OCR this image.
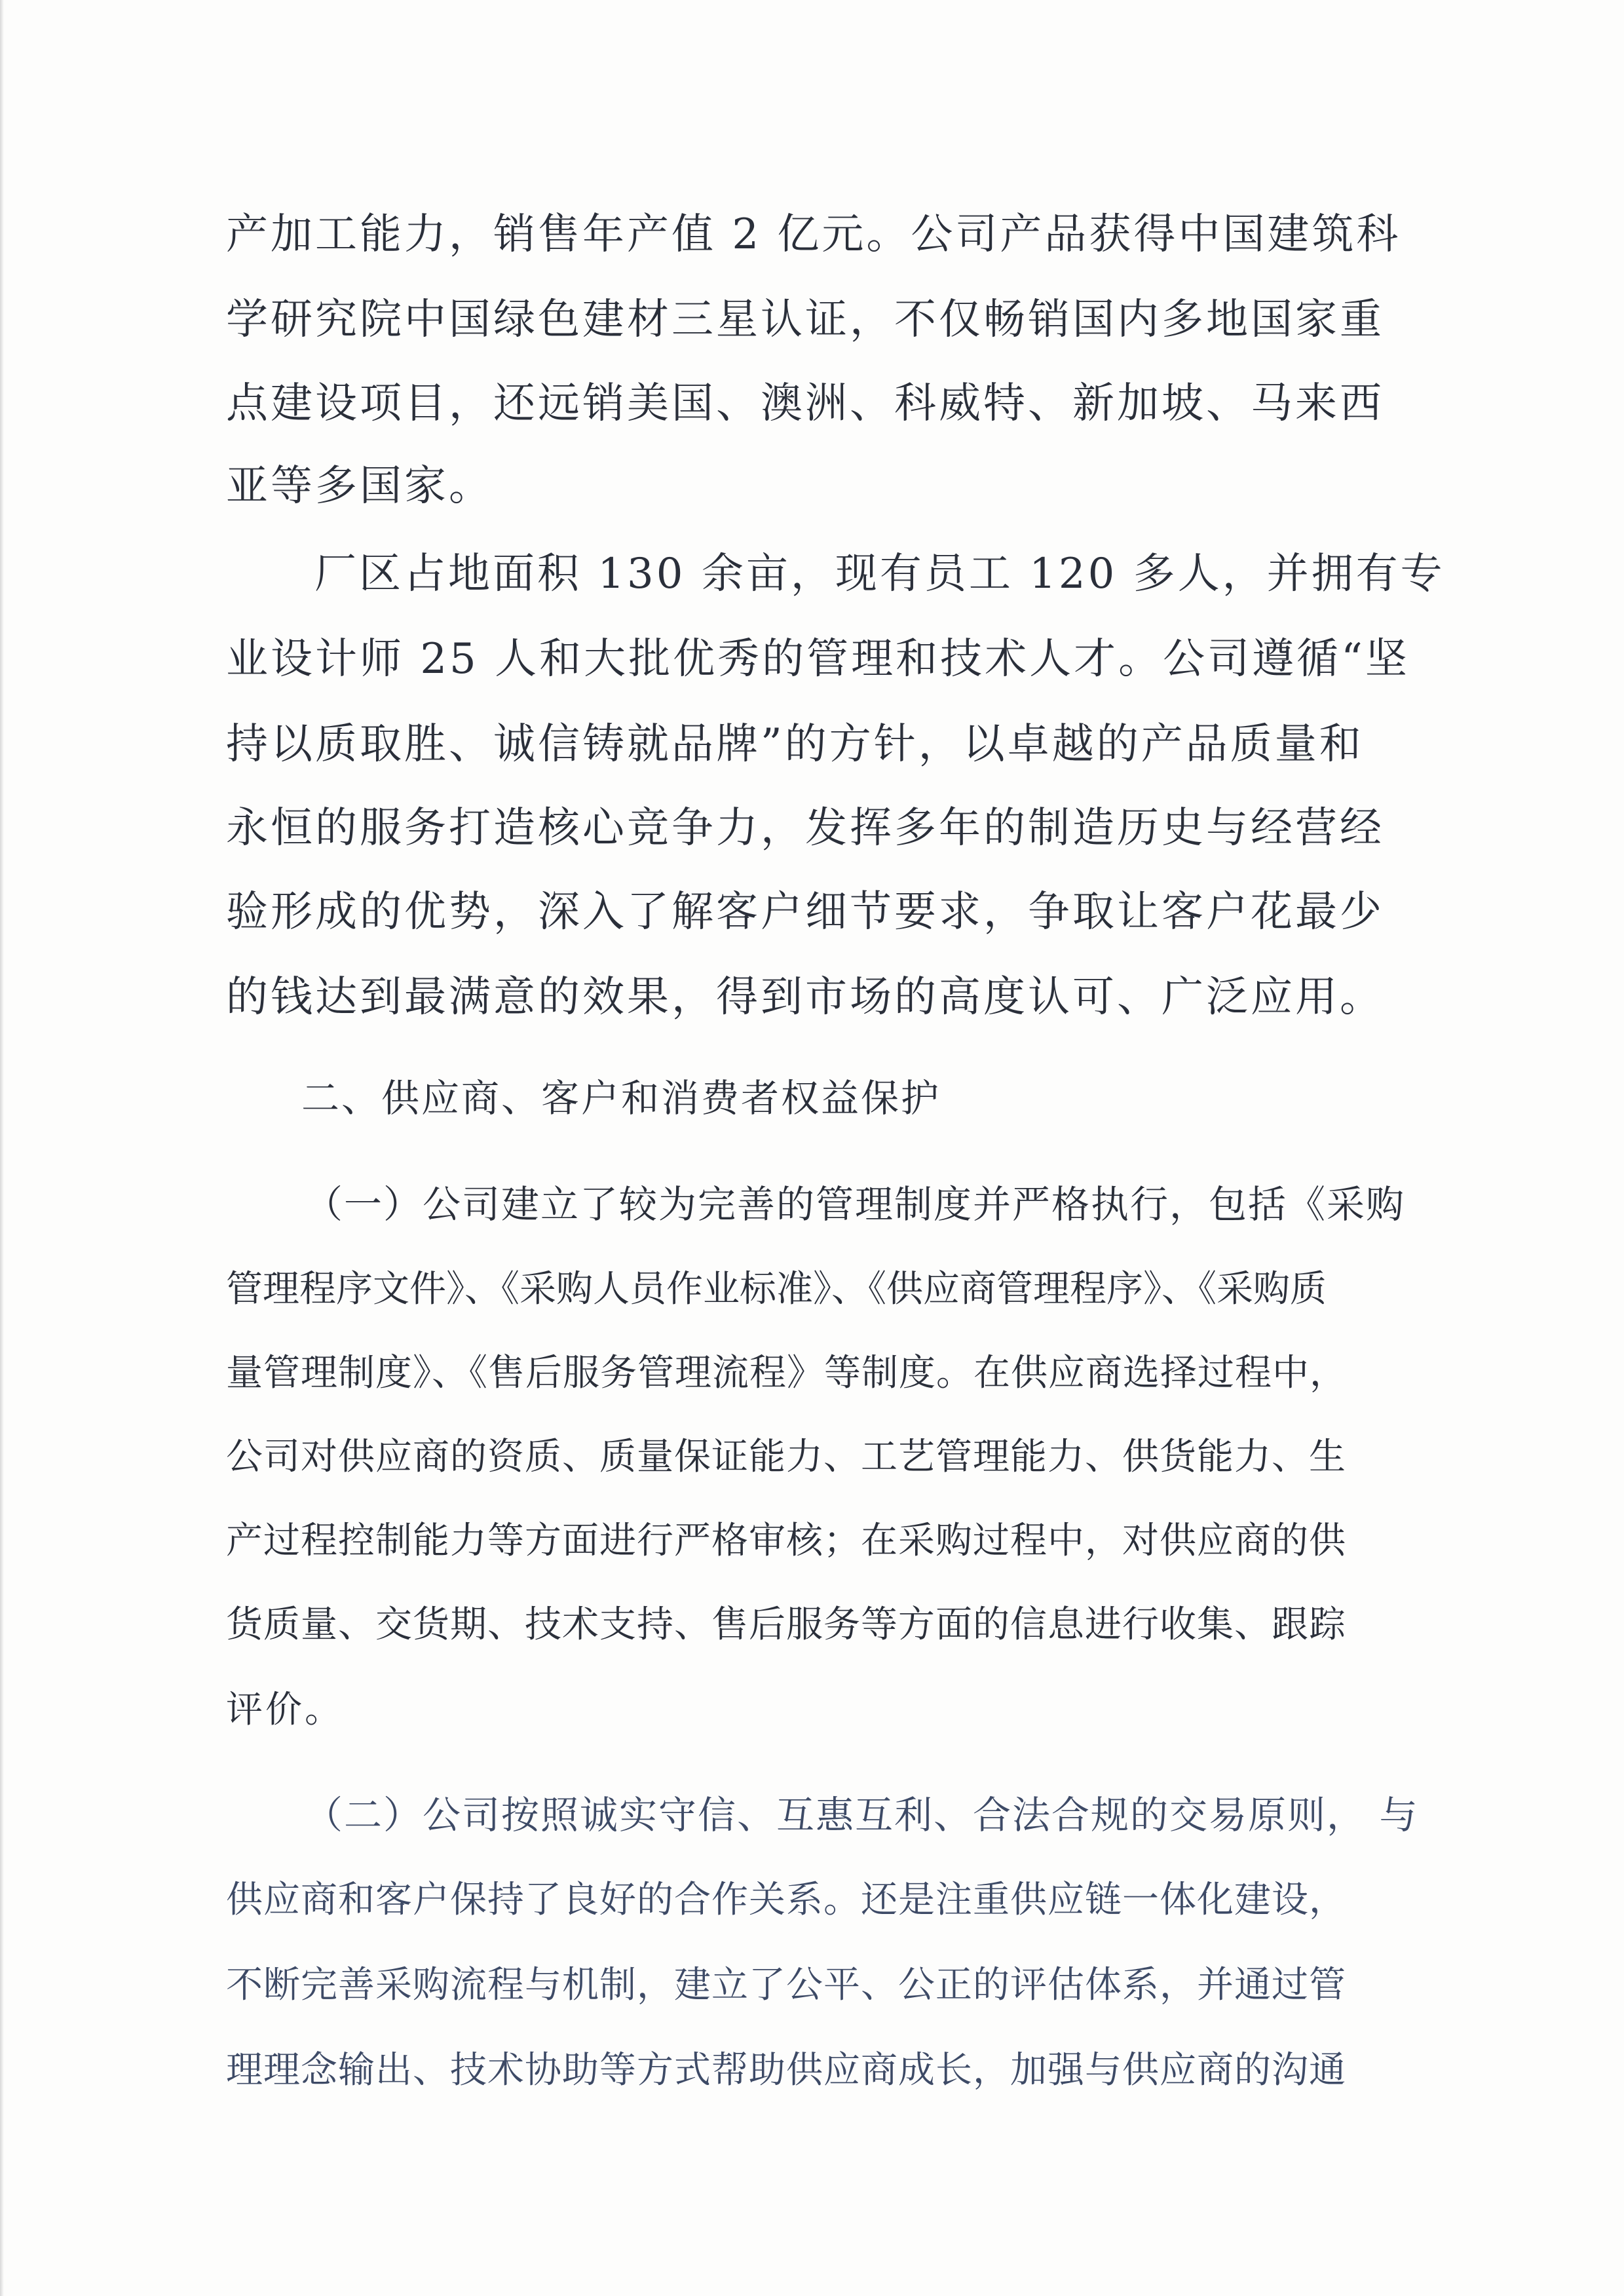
产加工能力，销售年产值 2 亿元。公司产品获得中国建筑科

学研究院中国绿色建材三星认证，不仅畅销国内多地国家重

点建设项目，还远销美国、澳洲、科威特、新加坡、马来西

亚等多国家。

厂区占地面积 130 余亩，现有员工 120 多人，并拥有专

业设计师 25 人和大批优秀的管理和技术人才。公司遵循“坚

持以质取胜、诚信铸就品牌”的方针，以卓越的产品质量和

永恒的服务打造核心竞争力，发挥多年的制造历史与经营经

验形成的优势，深入了解客户细节要求，争取让客户花最少

的钱达到最满意的效果，得到市场的高度认可、广泛应用。

二、供应商、客户和消费者权益保护

（一）公司建立了较为完善的管理制度并严格执行，包括《采购

管理程序文件》、《采购人员作业标准》、《供应商管理程序》、《采购质

量管理制度》、《售后服务管理流程》等制度。在供应商选择过程中，

公司对供应商的资质、质量保证能力、工艺管理能力、供货能力、生

产过程控制能力等方面进行严格审核；在采购过程中，对供应商的供

货质量、交货期、技术支持、售后服务等方面的信息进行收集、跟踪

评价。

（二）公司按照诚实守信、互惠互利、合法合规的交易原则， 与

供应商和客户保持了良好的合作关系。还是注重供应链一体化建设，

不断完善采购流程与机制，建立了公平、公正的评估体系，并通过管

理理念输出、技术协助等方式帮助供应商成长，加强与供应商的沟通
